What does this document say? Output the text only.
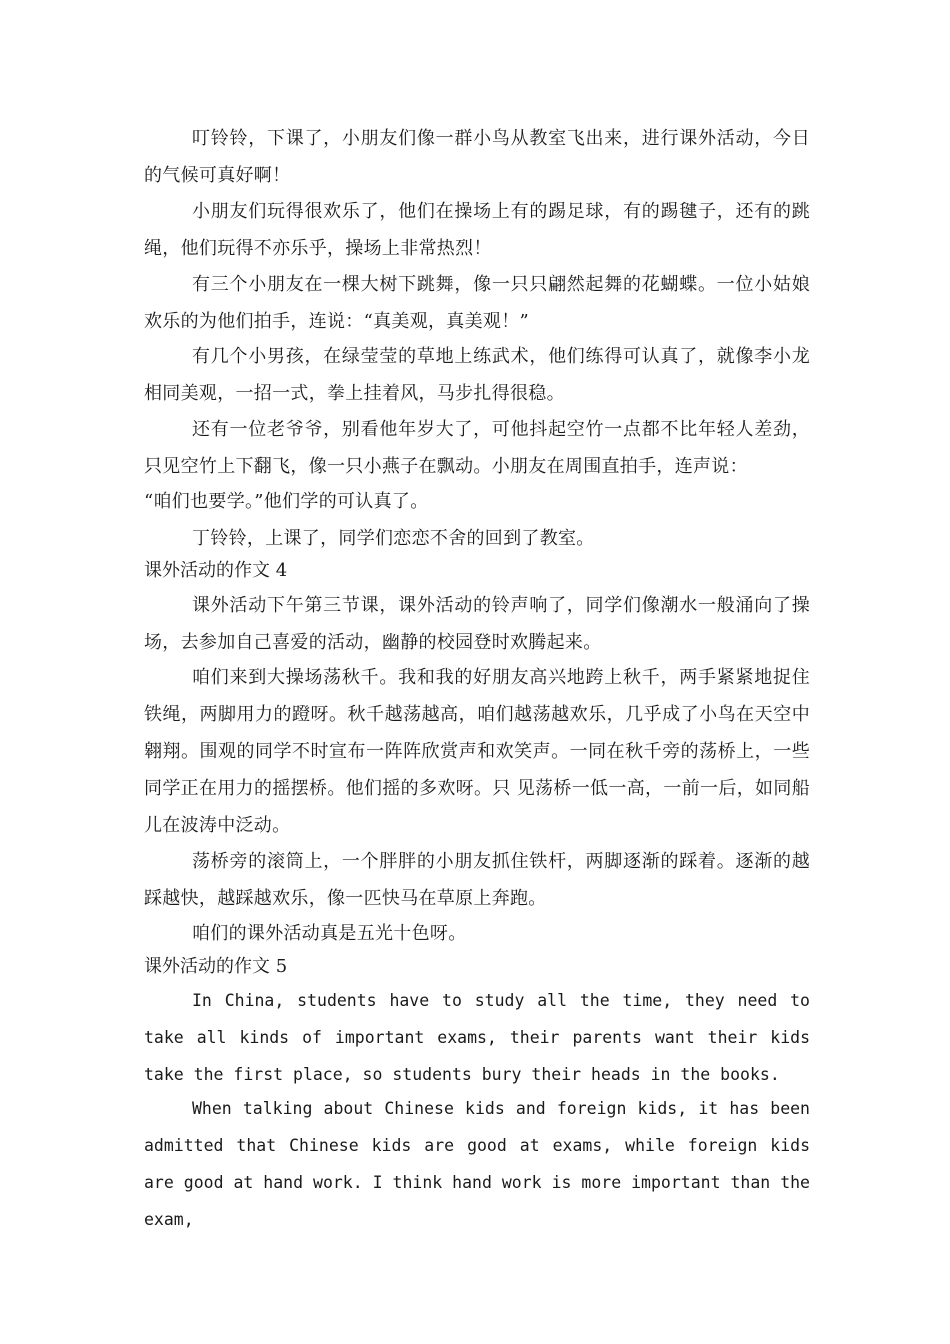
叮铃铃，下课了，小朋友们像一群小鸟从教室飞出来，进行课外活动，今日的气候可真好啊！

小朋友们玩得很欢乐了，他们在操场上有的踢足球，有的踢毽子，还有的跳绳，他们玩得不亦乐乎，操场上非常热烈！

有三个小朋友在一棵大树下跳舞，像一只只翩然起舞的花蝴蝶。一位小姑娘欢乐的为他们拍手，连说：“真美观，真美观！”

有几个小男孩，在绿莹莹的草地上练武术，他们练得可认真了，就像李小龙相同美观，一招一式，拳上挂着风，马步扎得很稳。

还有一位老爷爷，别看他年岁大了，可他抖起空竹一点都不比年轻人差劲，只见空竹上下翻飞，像一只小燕子在飘动。小朋友在周围直拍手，连声说：

“咱们也要学。”他们学的可认真了。

丁铃铃，上课了，同学们恋恋不舍的回到了教室。

课外活动的作文 4

课外活动下午第三节课，课外活动的铃声响了，同学们像潮水一般涌向了操场，去参加自己喜爱的活动，幽静的校园登时欢腾起来。

咱们来到大操场荡秋千。我和我的好朋友高兴地跨上秋千，两手紧紧地捉住铁绳，两脚用力的蹬呀。秋千越荡越高，咱们越荡越欢乐，几乎成了小鸟在天空中翱翔。围观的同学不时宣布一阵阵欣赏声和欢笑声。一同在秋千旁的荡桥上，一些同学正在用力的摇摆桥。他们摇的多欢呀。只 见荡桥一低一高，一前一后，如同船儿在波涛中泛动。

荡桥旁的滚筒上，一个胖胖的小朋友抓住铁杆，两脚逐渐的踩着。逐渐的越踩越快，越踩越欢乐，像一匹快马在草原上奔跑。

咱们的课外活动真是五光十色呀。

课外活动的作文 5

In China, students have to study all the time, they need to take all kinds of important exams, their parents want their kids take the first place, so students bury their heads in the books.

When talking about Chinese kids and foreign kids, it has been admitted that Chinese kids are good at exams, while foreign kids are good at hand work. I think hand work is more important than the exam,
